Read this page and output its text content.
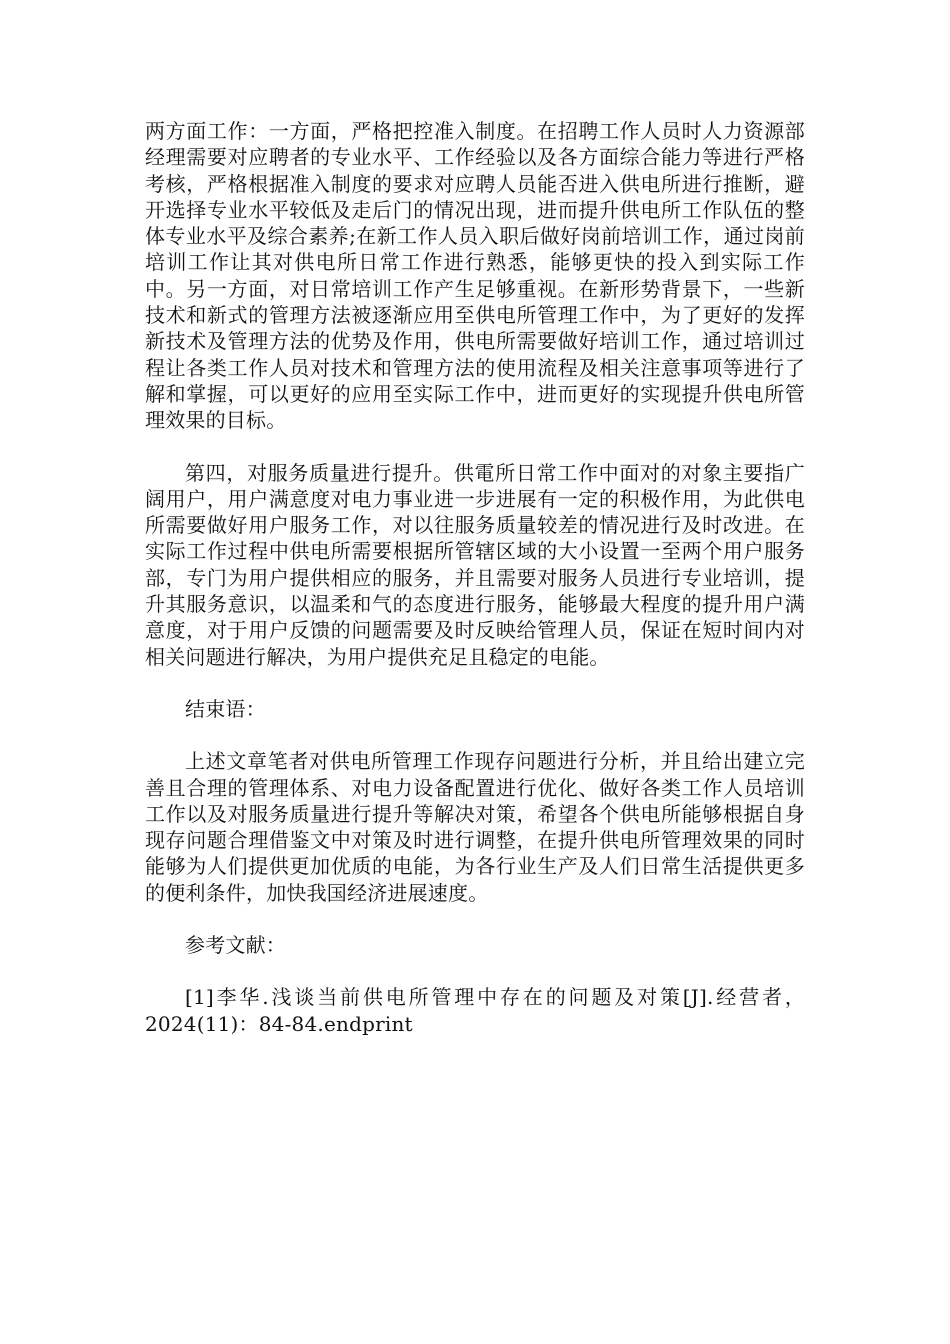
两方面工作：一方面，严格把控准入制度。在招聘工作人员时人力资源部经理需要对应聘者的专业水平、工作经验以及各方面综合能力等进行严格考核，严格根据准入制度的要求对应聘人员能否进入供电所进行推断，避开选择专业水平较低及走后门的情况出现，进而提升供电所工作队伍的整体专业水平及综合素养;在新工作人员入职后做好岗前培训工作，通过岗前培训工作让其对供电所日常工作进行熟悉，能够更快的投入到实际工作中。另一方面，对日常培训工作产生足够重视。在新形势背景下，一些新技术和新式的管理方法被逐渐应用至供电所管理工作中，为了更好的发挥新技术及管理方法的优势及作用，供电所需要做好培训工作，通过培训过程让各类工作人员对技术和管理方法的使用流程及相关注意事项等进行了解和掌握，可以更好的应用至实际工作中，进而更好的实现提升供电所管理效果的目标。

第四，对服务质量进行提升。供電所日常工作中面对的对象主要指广阔用户，用户满意度对电力事业进一步进展有一定的积极作用，为此供电所需要做好用户服务工作，对以往服务质量较差的情况进行及时改进。在实际工作过程中供电所需要根据所管辖区域的大小设置一至两个用户服务部，专门为用户提供相应的服务，并且需要对服务人员进行专业培训，提升其服务意识，以温柔和气的态度进行服务，能够最大程度的提升用户满意度，对于用户反馈的问题需要及时反映给管理人员，保证在短时间内对相关问题进行解决，为用户提供充足且稳定的电能。

结束语：

上述文章笔者对供电所管理工作现存问题进行分析，并且给出建立完善且合理的管理体系、对电力设备配置进行优化、做好各类工作人员培训工作以及对服务质量进行提升等解决对策，希望各个供电所能够根据自身现存问题合理借鉴文中对策及时进行调整，在提升供电所管理效果的同时能够为人们提供更加优质的电能，为各行业生产及人们日常生活提供更多的便利条件，加快我国经济进展速度。

参考文献：

[1]李华.浅谈当前供电所管理中存在的问题及对策[J].经营者，2024(11)：84-84.endprint
